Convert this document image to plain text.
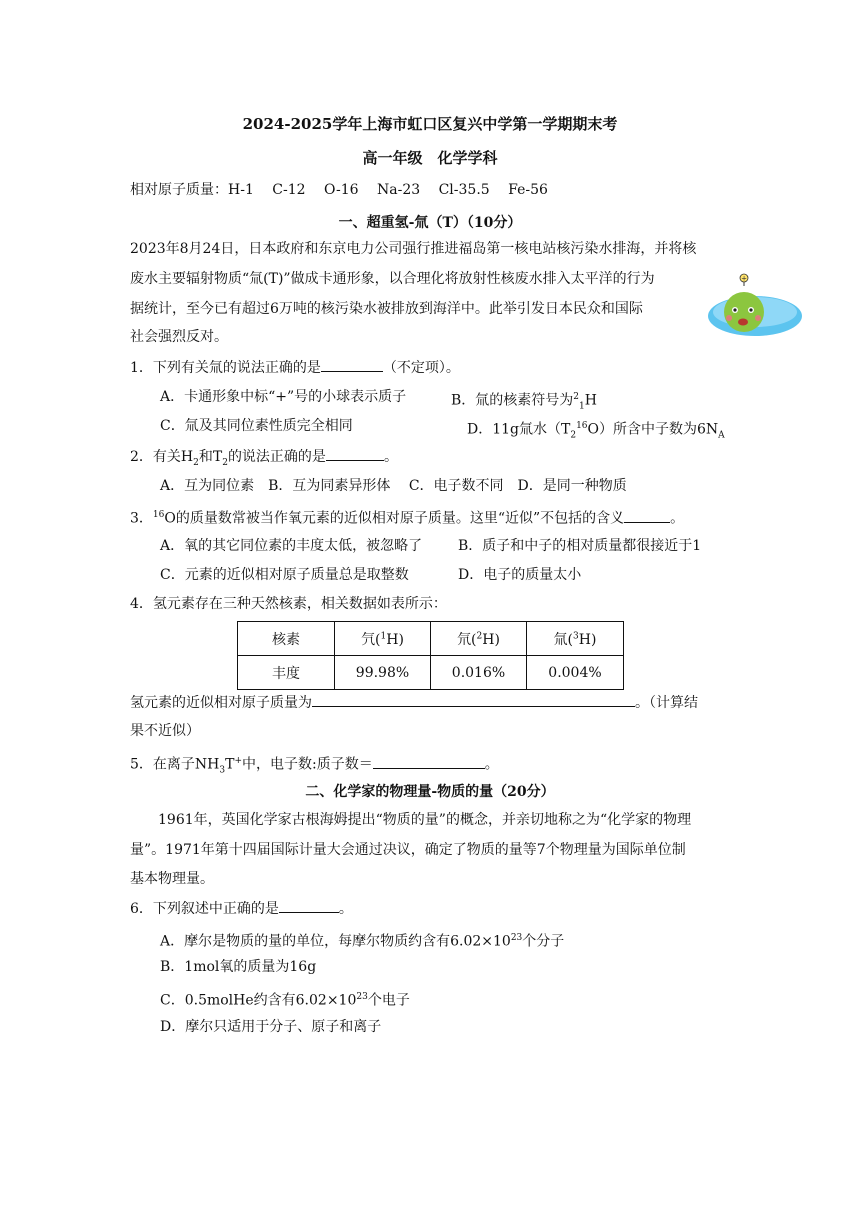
2024-2025学年上海市虹口区复兴中学第一学期期末考
高一年级　化学学科
相对原子质量：H-1　 C-12　 O-16　 Na-23　 Cl-35.5　 Fe-56
一、超重氢-氚（T）（10分）
2023年8月24日，日本政府和东京电力公司强行推进福岛第一核电站核污染水排海，并将核
废水主要辐射物质“氚(T)”做成卡通形象，以合理化将放射性核废水排入太平洋的行为
据统计，至今已有超过6万吨的核污染水被排放到海洋中。此举引发日本民众和国际
社会强烈反对。
+
1．下列有关氚的说法正确的是	（不定项）。
A．卡通形象中标“+”号的小球表示质子	B．氚的核素符号为$^2_1$H
C．氚及其同位素性质完全相同	D．11g氚水$(T_2^{16}O)$所含中子数为$6N_A$
2．有关$H_2$和$T_2$的说法正确的是	。
A．互为同位素　B．互为同素异形体　 C．电子数不同　D．是同一种物质
3．$^{16}$O的质量数常被当作氧元素的近似相对原子质量。这里“近似”不包括的含义	。
A．氧的其它同位素的丰度太低，被忽略了	B．质子和中子的相对质量都很接近于1
C．元素的近似相对原子质量总是取整数	D．电子的质量太小
4．氢元素存在三种天然核素，相关数据如表所示：
核素	氕($^1$H)	氘($^2$H)	氚($^3$H)
丰度	99.98%	0.016%	0.004%
氢元素的近似相对原子质量为	。（计算结
果不近似）
5．在离子$NH_3T^+$中，电子数:质子数＝	。
二、化学家的物理量-物质的量（20分）
　　1961年，英国化学家古根海姆提出“物质的量”的概念，并亲切地称之为“化学家的物理
量”。1971年第十四届国际计量大会通过决议，确定了物质的量等7个物理量为国际单位制
基本物理量。
6．下列叙述中正确的是	。
A．摩尔是物质的量的单位，每摩尔物质约含有$6.02\times 10^{23}$个分子
B．1mol氧的质量为16g
C．0.5molHe约含有$6.02\times 10^{23}$个电子
D．摩尔只适用于分子、原子和离子
